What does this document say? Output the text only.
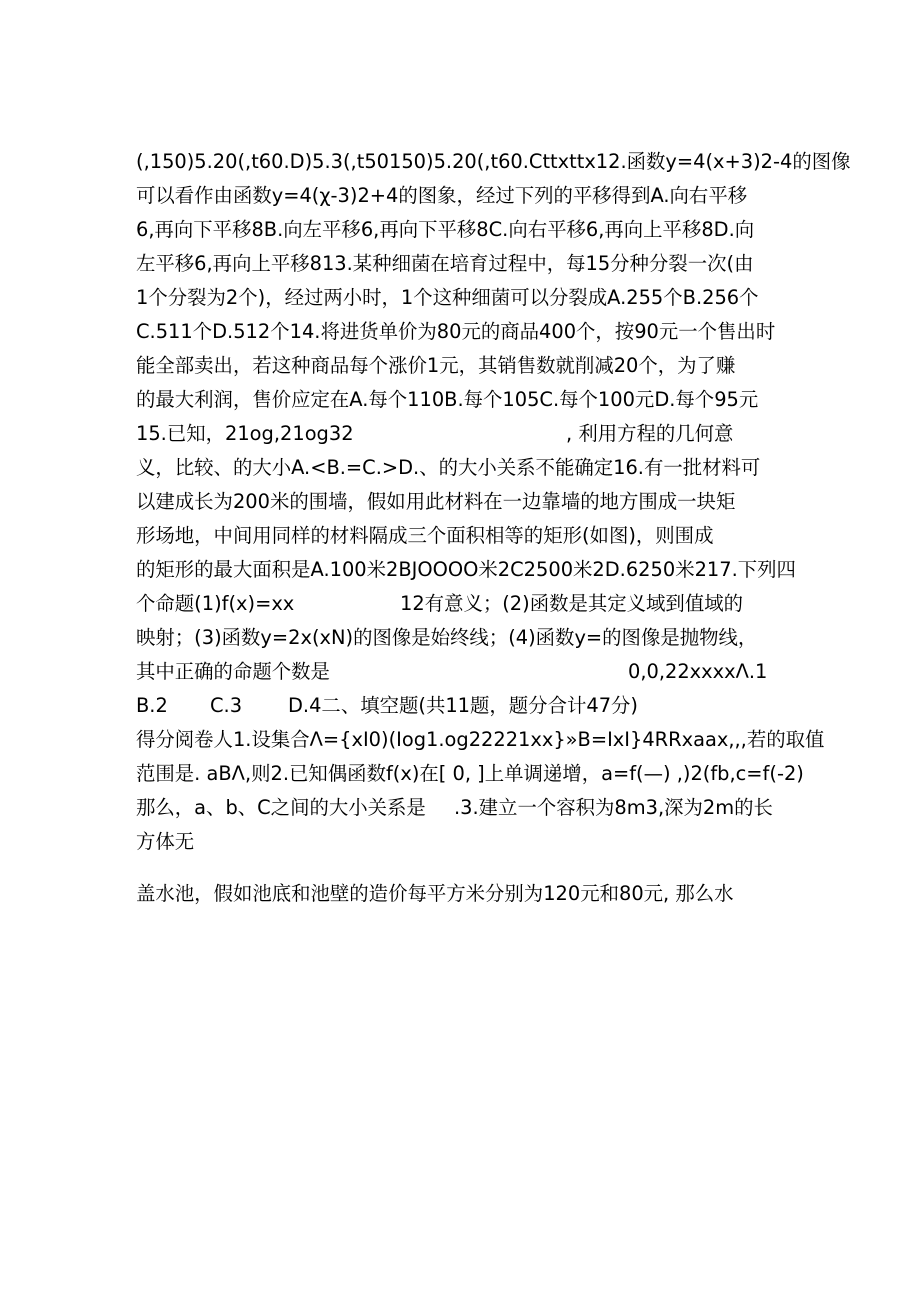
(,150)5.20(,t60.D)5.3(,t50150)5.20(,t60.Cttxttx12.函数y=4(x+3)2-4的图像
可以看作由函数y=4(χ-3)2+4的图象，经过下列的平移得到A.向右平移
6,再向下平移8B.向左平移6,再向下平移8C.向右平移6,再向上平移8D.向
左平移6,再向上平移813.某种细菌在培育过程中，每15分种分裂一次(由
1个分裂为2个)，经过两小时，1个这种细菌可以分裂成A.255个B.256个
C.511个D.512个14.将进货单价为80元的商品400个，按90元一个售出时
能全部卖出，若这种商品每个涨价1元，其销售数就削减20个，为了赚
的最大利润，售价应定在A.每个110B.每个105C.每个100元D.每个95元
15.已知，21og,21og32	, 利用方程的几何意
义，比较、的大小A.<B.=C.>D.、的大小关系不能确定16.有一批材料可
以建成长为200米的围墙，假如用此材料在一边靠墙的地方围成一块矩
形场地，中间用同样的材料隔成三个面积相等的矩形(如图)，则围成
的矩形的最大面积是A.100米2BJOOOO米2C2500米2D.6250米217.下列四
个命题(1)f(x)=xx	12有意义；(2)函数是其定义域到值域的
映射；(3)函数y=2x(xN)的图像是始终线；(4)函数y=的图像是抛物线，
其中正确的命题个数是	0,0,22xxxxΛ.1
B.2 C.3 D.4二、填空题(共11题，题分合计47分)
得分阅卷人1.设集合Λ={xI0)(Iog1.og22221xx}»B=IxI}4RRxaax,,,若的取值
范围是. aBΛ,则2.已知偶函数f(x)在[ 0, ]上单调递增，a=f(—) ,)2(fb,c=f(-2)
那么，a、b、C之间的大小关系是 .3.建立一个容积为8m3,深为2m的长
方体无
盖水池，假如池底和池壁的造价每平方米分别为120元和80元, 那么水
